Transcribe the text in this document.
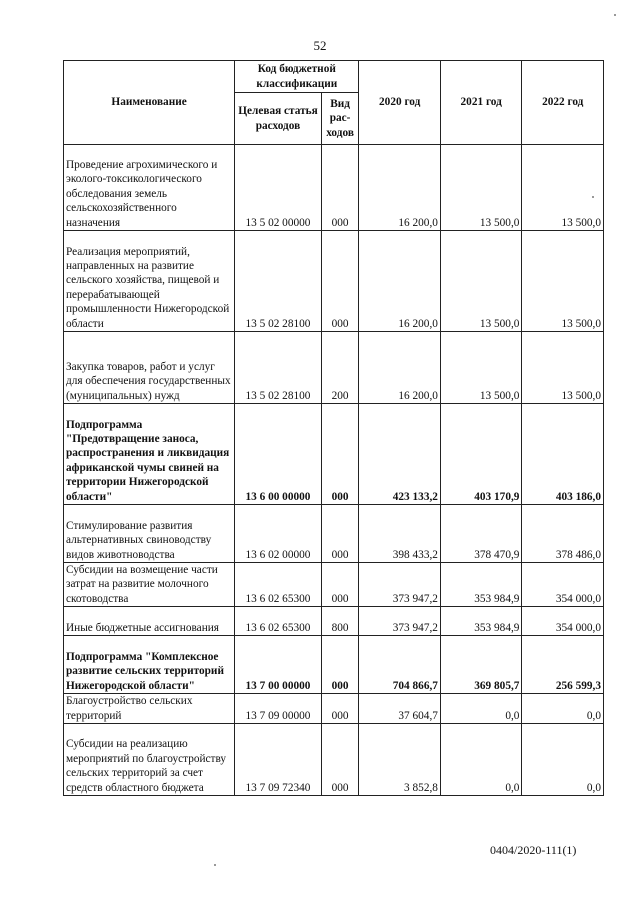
52
Наименование	Код бюджетной классификации		2020 год	2021 год	2022 год
	Целевая статья расходов	Вид рас- ходов			
Проведение агрохимического и эколого-токсикологического обследования земель сельскохозяйственного назначения	13 5 02 00000	000	16 200,0	13 500,0	13 500,0
Реализация мероприятий, направленных на развитие сельского хозяйства, пищевой и перерабатывающей промышленности Нижегородской области	13 5 02 28100	000	16 200,0	13 500,0	13 500,0
Закупка товаров, работ и услуг для обеспечения государственных (муниципальных) нужд	13 5 02 28100	200	16 200,0	13 500,0	13 500,0
Подпрограмма "Предотвращение заноса, распространения и ликвидация африканской чумы свиней на территории Нижегородской области"	13 6 00 00000	000	423 133,2	403 170,9	403 186,0
Стимулирование развития альтернативных свиноводству видов животноводства	13 6 02 00000	000	398 433,2	378 470,9	378 486,0
Субсидии на возмещение части затрат на развитие молочного скотоводства	13 6 02 65300	000	373 947,2	353 984,9	354 000,0
Иные бюджетные ассигнования	13 6 02 65300	800	373 947,2	353 984,9	354 000,0
Подпрограмма "Комплексное развитие сельских территорий Нижегородской области"	13 7 00 00000	000	704 866,7	369 805,7	256 599,3
Благоустройство сельских территорий	13 7 09 00000	000	37 604,7	0,0	0,0
Субсидии на реализацию мероприятий по благоустройству сельских территорий за счет средств областного бюджета	13 7 09 72340	000	3 852,8	0,0	0,0
0404/2020-111(1)
